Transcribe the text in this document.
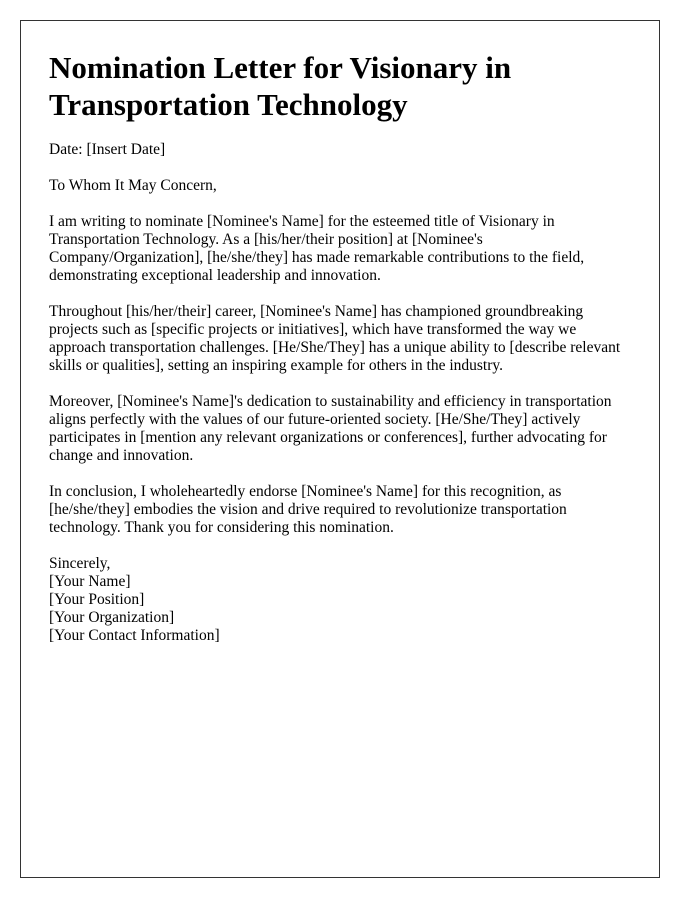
Nomination Letter for Visionary in Transportation Technology

Date: [Insert Date]

To Whom It May Concern,

I am writing to nominate [Nominee's Name] for the esteemed title of Visionary in Transportation Technology. As a [his/her/their position] at [Nominee's Company/Organization], [he/she/they] has made remarkable contributions to the field, demonstrating exceptional leadership and innovation.

Throughout [his/her/their] career, [Nominee's Name] has championed groundbreaking projects such as [specific projects or initiatives], which have transformed the way we approach transportation challenges. [He/She/They] has a unique ability to [describe relevant skills or qualities], setting an inspiring example for others in the industry.

Moreover, [Nominee's Name]'s dedication to sustainability and efficiency in transportation aligns perfectly with the values of our future-oriented society. [He/She/They] actively participates in [mention any relevant organizations or conferences], further advocating for change and innovation.

In conclusion, I wholeheartedly endorse [Nominee's Name] for this recognition, as [he/she/they] embodies the vision and drive required to revolutionize transportation technology. Thank you for considering this nomination.

Sincerely,
[Your Name]
[Your Position]
[Your Organization]
[Your Contact Information]
